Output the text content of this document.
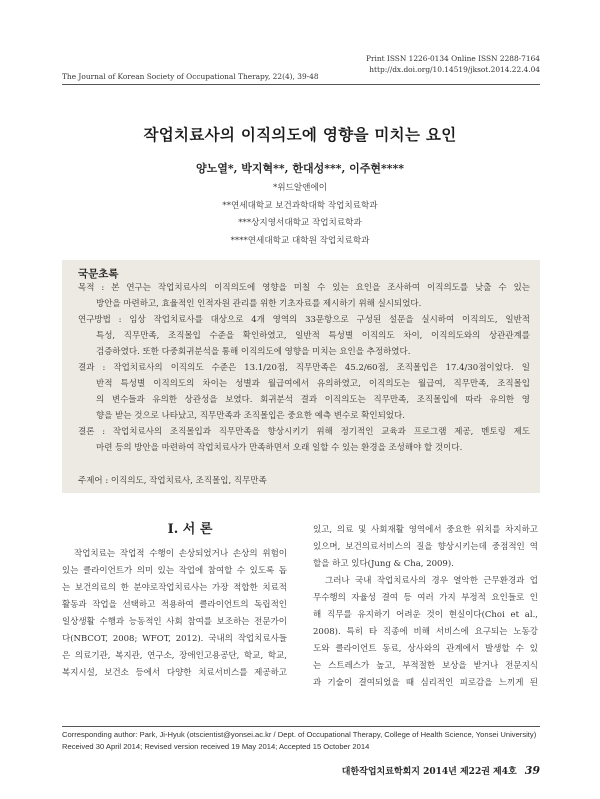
Print ISSN 1226-0134 Online ISSN 2288-7164
http://dx.doi.org/10.14519/jksot.2014.22.4.04
The Journal of Korean Society of Occupational Therapy, 22(4), 39-48
작업치료사의 이직의도에 영향을 미치는 요인
양노열*, 박지혁**, 한대성***, 이주현****
*위드알앤에이
**연세대학교 보건과학대학 작업치료학과
***상지영서대학교 작업치료학과
****연세대학교 대학원 작업치료학과
국문초록
목적 : 본 연구는 작업치료사의 이직의도에 영향을 미칠 수 있는 요인을 조사하여 이직의도를 낮출 수 있는
방안을 마련하고, 효율적인 인적자원 관리를 위한 기초자료를 제시하기 위해 실시되었다.
연구방법 : 임상 작업치료사를 대상으로 4개 영역의 33문항으로 구성된 설문을 실시하여 이직의도, 일반적
특성, 직무만족, 조직몰입 수준을 확인하였고, 일반적 특성별 이직의도 차이, 이직의도와의 상관관계를
검증하였다. 또한 다중회귀분석을 통해 이직의도에 영향을 미치는 요인을 추정하였다.
결과 : 작업치료사의 이직의도 수준은 13.1/20점, 직무만족은 45.2/60점, 조직몰입은 17.4/30점이었다. 일
반적 특성별 이직의도의 차이는 성별과 월급여에서 유의하였고, 이직의도는 월급여, 직무만족, 조직몰입
의 변수들과 유의한 상관성을 보였다. 회귀분석 결과 이직의도는 직무만족, 조직몰입에 따라 유의한 영
향을 받는 것으로 나타났고, 직무만족과 조직몰입은 중요한 예측 변수로 확인되었다.
결론 : 작업치료사의 조직몰입과 직무만족을 향상시키기 위해 정기적인 교육과 프로그램 제공, 멘토링 제도
마련 등의 방안을 마련하여 작업치료사가 만족하면서 오래 일할 수 있는 환경을 조성해야 할 것이다.
주제어 : 이직의도, 작업치료사, 조직몰입, 직무만족
Ⅰ. 서 론
작업치료는 작업적 수행이 손상되었거나 손상의 위험이
있는 클라이언트가 의미 있는 작업에 참여할 수 있도록 돕
는 보건의료의 한 분야로작업치료사는 가장 적합한 치료적
활동과 작업을 선택하고 적용하여 클라이언트의 독립적인
일상생활 수행과 능동적인 사회 참여를 보조하는 전문가이
다(NBCOT, 2008; WFOT, 2012). 국내의 작업치료사들
은 의료기관, 복지관, 연구소, 장애인고용공단, 학교, 학교,
복지시설, 보건소 등에서 다양한 치료서비스를 제공하고
있고, 의료 및 사회재활 영역에서 중요한 위치를 차지하고
있으며, 보건의료서비스의 질을 향상시키는데 중점적인 역
할을 하고 있다(Jung & Cha, 2009).
그러나 국내 작업치료사의 경우 열악한 근무환경과 업
무수행의 자율성 결여 등 여러 가지 부정적 요인들로 인
해 직무를 유지하기 어려운 것이 현실이다(Choi et al.,
2008). 특히 타 직종에 비해 서비스에 요구되는 노동강
도와 클라이언트 동료, 상사와의 관계에서 발생할 수 있
는 스트레스가 높고, 부적절한 보상을 받거나 전문지식
과 기술이 결여되었을 때 심리적인 피로감을 느끼게 된
Corresponding author: Park, Ji-Hyuk (otscientist@yonsei.ac.kr / Dept. of Occupational Therapy, College of Health Science, Yonsei University)
Received 30 April 2014; Revised version received 19 May 2014; Accepted 15 October 2014
대한작업치료학회지 2014년 제22권 제4호 39
